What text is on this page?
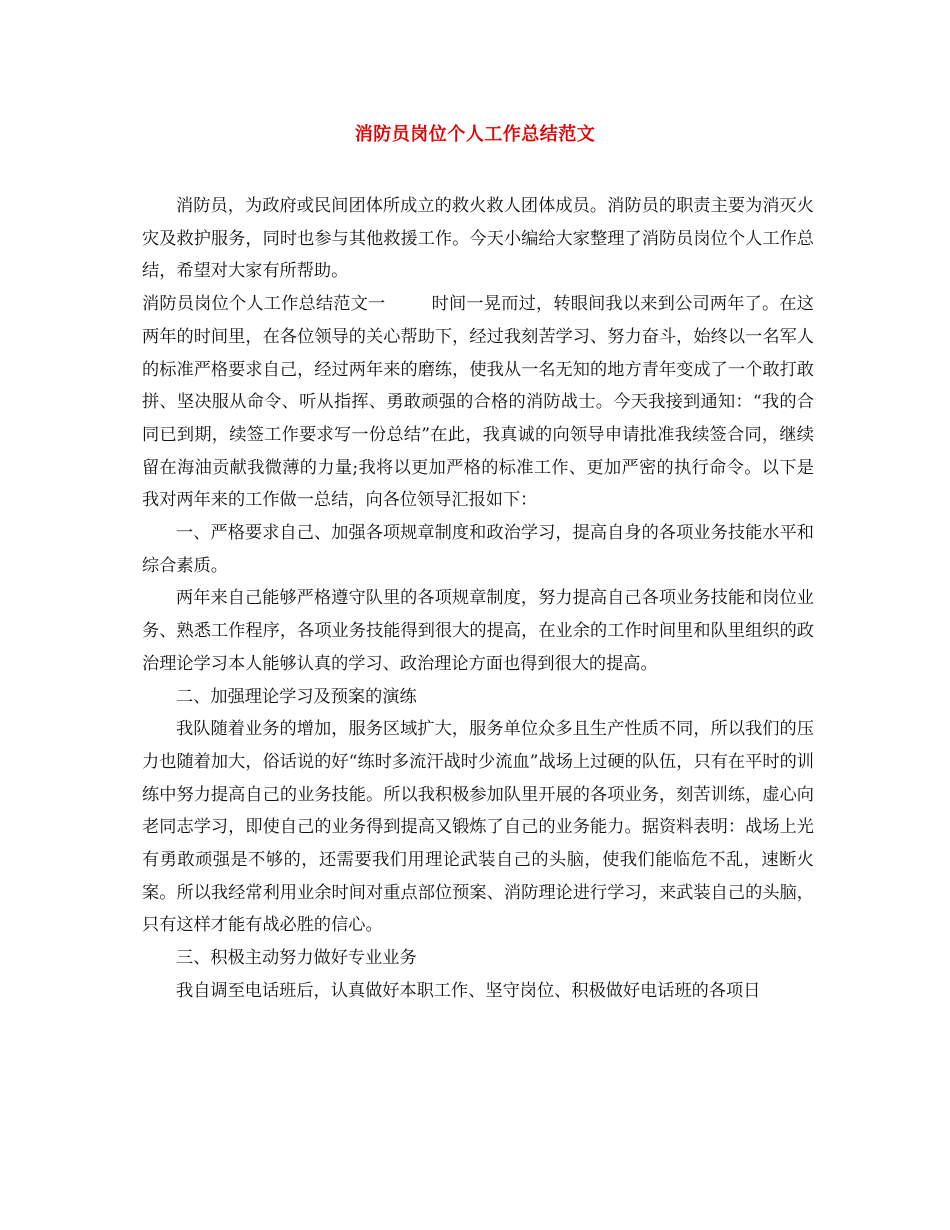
消防员岗位个人工作总结范文

消防员，为政府或民间团体所成立的救火救人团体成员。消防员的职责主要为消灭火灾及救护服务，同时也参与其他救援工作。今天小编给大家整理了消防员岗位个人工作总结，希望对大家有所帮助。

消防员岗位个人工作总结范文一	时间一晃而过，转眼间我以来到公司两年了。在这两年的时间里，在各位领导的关心帮助下，经过我刻苦学习、努力奋斗，始终以一名军人的标准严格要求自己，经过两年来的磨练，使我从一名无知的地方青年变成了一个敢打敢拼、坚决服从命令、听从指挥、勇敢顽强的合格的消防战士。今天我接到通知：“我的合同已到期，续签工作要求写一份总结”在此，我真诚的向领导申请批准我续签合同，继续留在海油贡献我微薄的力量;我将以更加严格的标准工作、更加严密的执行命令。以下是我对两年来的工作做一总结，向各位领导汇报如下：

一、严格要求自己、加强各项规章制度和政治学习，提高自身的各项业务技能水平和综合素质。

两年来自己能够严格遵守队里的各项规章制度，努力提高自己各项业务技能和岗位业务、熟悉工作程序，各项业务技能得到很大的提高，在业余的工作时间里和队里组织的政治理论学习本人能够认真的学习、政治理论方面也得到很大的提高。

二、加强理论学习及预案的演练

我队随着业务的增加，服务区域扩大，服务单位众多且生产性质不同，所以我们的压力也随着加大，俗话说的好“练时多流汗战时少流血”战场上过硬的队伍，只有在平时的训练中努力提高自己的业务技能。所以我积极参加队里开展的各项业务，刻苦训练，虚心向老同志学习，即使自己的业务得到提高又锻炼了自己的业务能力。据资料表明：战场上光有勇敢顽强是不够的，还需要我们用理论武装自己的头脑，使我们能临危不乱，速断火案。所以我经常利用业余时间对重点部位预案、消防理论进行学习，来武装自己的头脑，只有这样才能有战必胜的信心。

三、积极主动努力做好专业业务

我自调至电话班后，认真做好本职工作、坚守岗位、积极做好电话班的各项日
